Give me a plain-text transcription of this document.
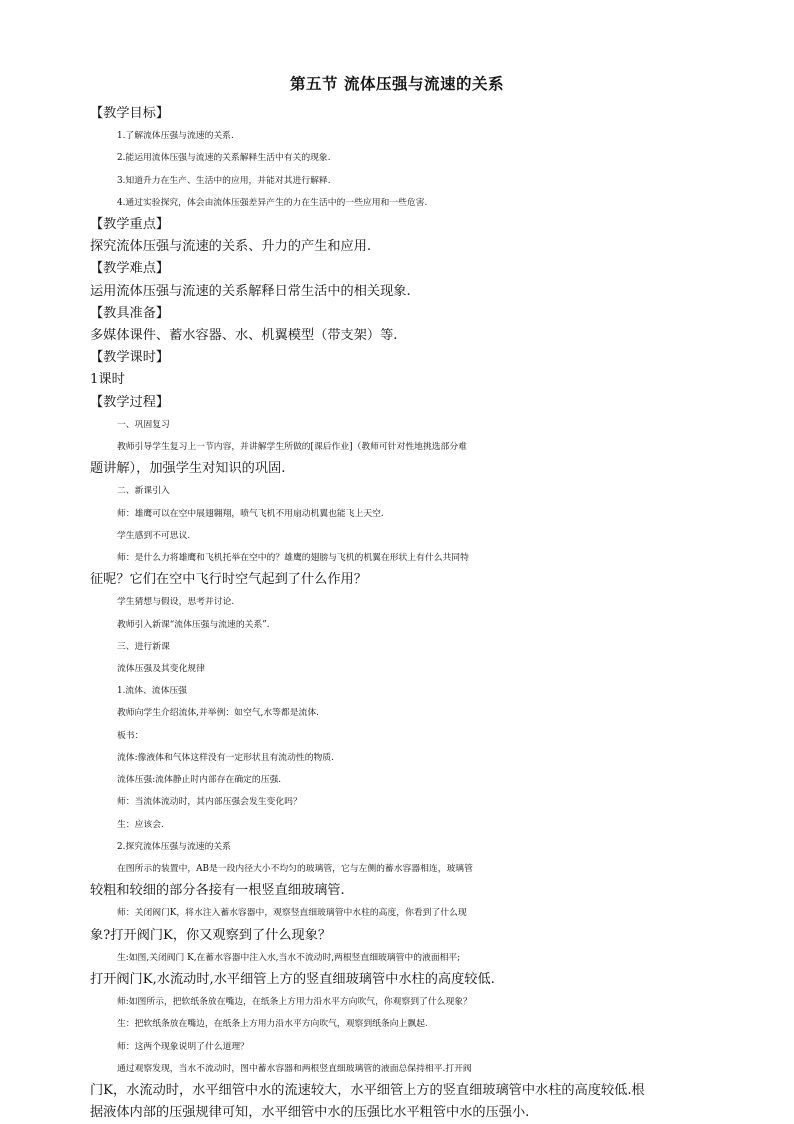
第五节 流体压强与流速的关系

【教学目标】

1.了解流体压强与流速的关系.

2.能运用流体压强与流速的关系解释生活中有关的现象.

3.知道升力在生产、生活中的应用，并能对其进行解释.

4.通过实验探究，体会由流体压强差异产生的力在生活中的一些应用和一些危害.

【教学重点】

探究流体压强与流速的关系、升力的产生和应用.

【教学难点】

运用流体压强与流速的关系解释日常生活中的相关现象.

【教具准备】

多媒体课件、蓄水容器、水、机翼模型（带支架）等.

【教学课时】

1课时

【教学过程】

一、巩固复习

教师引导学生复习上一节内容，并讲解学生所做的[课后作业]（教师可针对性地挑选部分难

题讲解），加强学生对知识的巩固.

二、新课引入

师：雄鹰可以在空中展翅翱翔，喷气飞机不用扇动机翼也能飞上天空.

学生感到不可思议.

师：是什么力将雄鹰和飞机托举在空中的？雄鹰的翅膀与飞机的机翼在形状上有什么共同特

征呢？它们在空中飞行时空气起到了什么作用？

学生猜想与假设，思考并讨论.

教师引入新课“流体压强与流速的关系”.

三、进行新课

流体压强及其变化规律

1.流体、流体压强

教师向学生介绍流体,并举例：如空气,水等都是流体.

板书：

流体:像液体和气体这样没有一定形状且有流动性的物质.

流体压强:流体静止时内部存在确定的压强.

师：当流体流动时，其内部压强会发生变化吗？

生：应该会.

2.探究流体压强与流速的关系

在图所示的装置中，AB是一段内径大小不均匀的玻璃管，它与左侧的蓄水容器相连，玻璃管

较粗和较细的部分各接有一根竖直细玻璃管.

师：关闭阀门K，将水注入蓄水容器中，观察竖直细玻璃管中水柱的高度，你看到了什么现

象?打开阀门K，你又观察到了什么现象？

生:如图,关闭阀门 K,在蓄水容器中注入水,当水不流动时,两根竖直细玻璃管中的液面相平;

打开阀门K,水流动时,水平细管上方的竖直细玻璃管中水柱的高度较低.

师:如图所示，把软纸条放在嘴边，在纸条上方用力沿水平方向吹气，你观察到了什么现象？

生：把软纸条放在嘴边，在纸条上方用力沿水平方向吹气，观察到纸条向上飘起.

师：这两个现象说明了什么道理？

通过观察发现，当水不流动时，图中蓄水容器和两根竖直细玻璃管的液面总保持相平.打开阀

门K，水流动时，水平细管中水的流速较大，水平细管上方的竖直细玻璃管中水柱的高度较低.根

据液体内部的压强规律可知，水平细管中水的压强比水平粗管中水的压强小.
